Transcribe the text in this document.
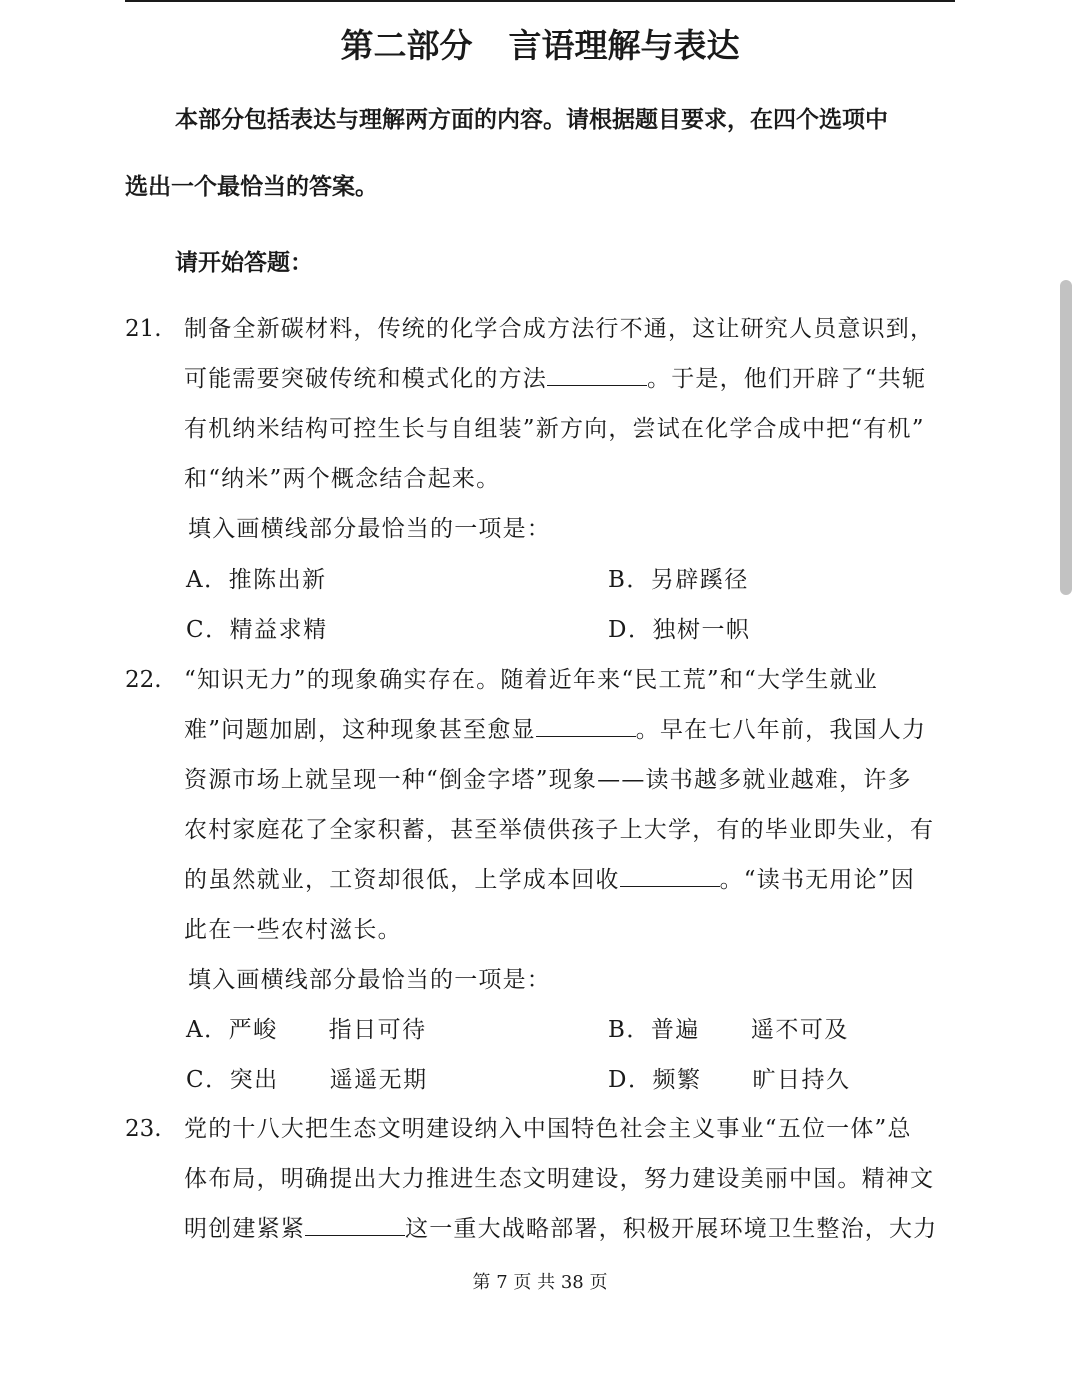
第二部分 言语理解与表达
本部分包括表达与理解两方面的内容。请根据题目要求，在四个选项中
选出一个最恰当的答案。
请开始答题：
21. 制备全新碳材料，传统的化学合成方法行不通，这让研究人员意识到，
可能需要突破传统和模式化的方法	。于是，他们开辟了“共轭
有机纳米结构可控生长与自组装”新方向，尝试在化学合成中把“有机”
和“纳米”两个概念结合起来。
填入画横线部分最恰当的一项是：
A．推陈出新	B．另辟蹊径
C．精益求精	D．独树一帜
22. “知识无力”的现象确实存在。随着近年来“民工荒”和“大学生就业
难”问题加剧，这种现象甚至愈显	。早在七八年前，我国人力
资源市场上就呈现一种“倒金字塔”现象——读书越多就业越难，许多
农村家庭花了全家积蓄，甚至举债供孩子上大学，有的毕业即失业，有
的虽然就业，工资却很低，上学成本回收	。“读书无用论”因
此在一些农村滋长。
填入画横线部分最恰当的一项是：
A．严峻 指日可待	B．普遍 遥不可及
C．突出 遥遥无期	D．频繁 旷日持久
23. 党的十八大把生态文明建设纳入中国特色社会主义事业“五位一体”总
体布局，明确提出大力推进生态文明建设，努力建设美丽中国。精神文
明创建紧紧	这一重大战略部署，积极开展环境卫生整治，大力
第 7 页 共 38 页
